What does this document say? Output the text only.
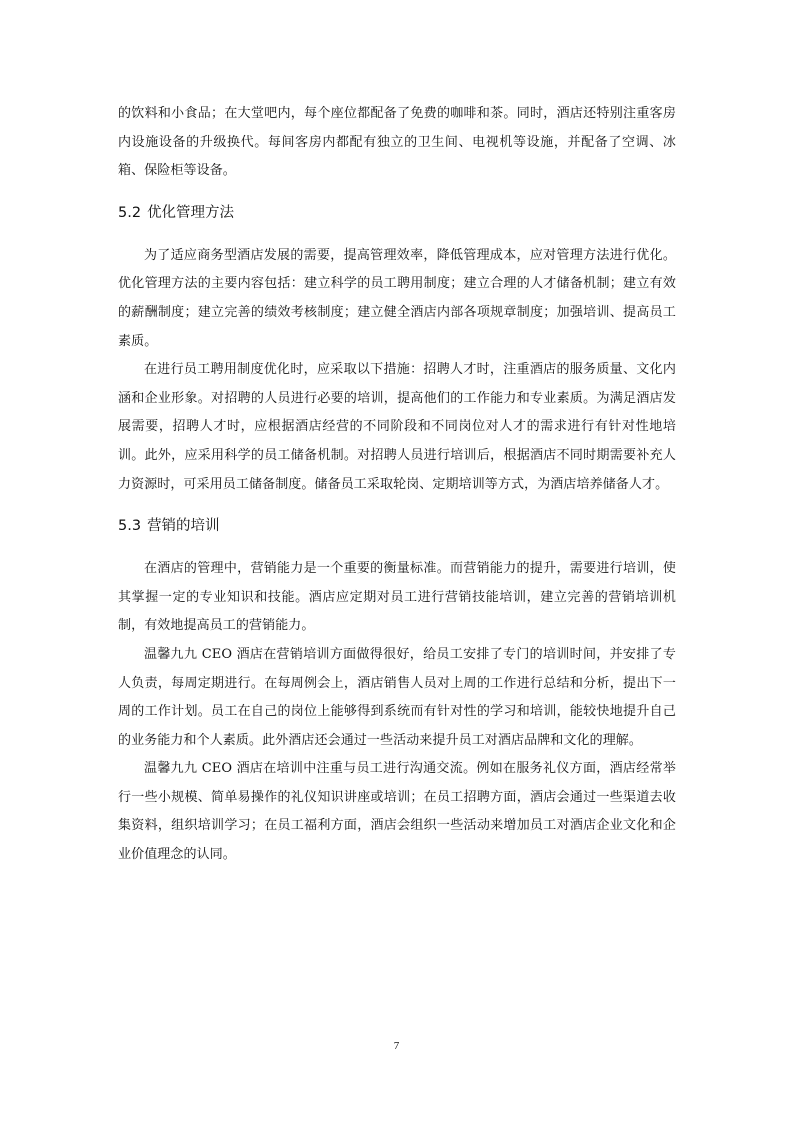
的饮料和小食品；在大堂吧内，每个座位都配备了免费的咖啡和茶。同时，酒店还特别注重客房内设施设备的升级换代。每间客房内都配有独立的卫生间、电视机等设施，并配备了空调、冰箱、保险柜等设备。

5.2 优化管理方法

为了适应商务型酒店发展的需要，提高管理效率，降低管理成本，应对管理方法进行优化。优化管理方法的主要内容包括：建立科学的员工聘用制度；建立合理的人才储备机制；建立有效的薪酬制度；建立完善的绩效考核制度；建立健全酒店内部各项规章制度；加强培训、提高员工素质。

在进行员工聘用制度优化时，应采取以下措施：招聘人才时，注重酒店的服务质量、文化内涵和企业形象。对招聘的人员进行必要的培训，提高他们的工作能力和专业素质。为满足酒店发展需要，招聘人才时，应根据酒店经营的不同阶段和不同岗位对人才的需求进行有针对性地培训。此外，应采用科学的员工储备机制。对招聘人员进行培训后，根据酒店不同时期需要补充人力资源时，可采用员工储备制度。储备员工采取轮岗、定期培训等方式，为酒店培养储备人才。

5.3 营销的培训

在酒店的管理中，营销能力是一个重要的衡量标准。而营销能力的提升，需要进行培训，使其掌握一定的专业知识和技能。酒店应定期对员工进行营销技能培训，建立完善的营销培训机制，有效地提高员工的营销能力。

温馨九九 CEO 酒店在营销培训方面做得很好，给员工安排了专门的培训时间，并安排了专人负责，每周定期进行。在每周例会上，酒店销售人员对上周的工作进行总结和分析，提出下一周的工作计划。员工在自己的岗位上能够得到系统而有针对性的学习和培训，能较快地提升自己的业务能力和个人素质。此外酒店还会通过一些活动来提升员工对酒店品牌和文化的理解。

温馨九九 CEO 酒店在培训中注重与员工进行沟通交流。例如在服务礼仪方面，酒店经常举行一些小规模、简单易操作的礼仪知识讲座或培训；在员工招聘方面，酒店会通过一些渠道去收集资料，组织培训学习；在员工福利方面，酒店会组织一些活动来增加员工对酒店企业文化和企业价值理念的认同。

7
